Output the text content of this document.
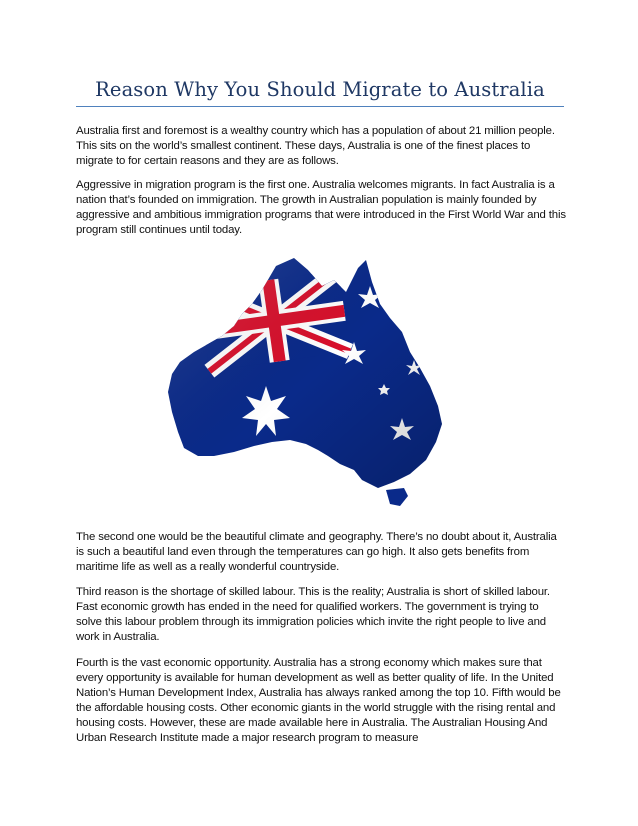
Reason Why You Should Migrate to Australia

Australia first and foremost is a wealthy country which has a population of about 21 million people. This sits on the world’s smallest continent. These days, Australia is one of the finest places to migrate to for certain reasons and they are as follows.

Aggressive in migration program is the first one. Australia welcomes migrants. In fact Australia is a nation that’s founded on immigration. The growth in Australian population is mainly founded by aggressive and ambitious immigration programs that were introduced in the First World War and this program still continues until today.

The second one would be the beautiful climate and geography. There’s no doubt about it, Australia is such a beautiful land even through the temperatures can go high. It also gets benefits from maritime life as well as a really wonderful countryside.

Third reason is the shortage of skilled labour. This is the reality; Australia is short of skilled labour. Fast economic growth has ended in the need for qualified workers. The government is trying to solve this labour problem through its immigration policies which invite the right people to live and work in Australia.

Fourth is the vast economic opportunity. Australia has a strong economy which makes sure that every opportunity is available for human development as well as better quality of life. In the United Nation’s Human Development Index, Australia has always ranked among the top 10. Fifth would be the affordable housing costs. Other economic giants in the world struggle with the rising rental and housing costs. However, these are made available here in Australia. The Australian Housing And Urban Research Institute made a major research program to measure
